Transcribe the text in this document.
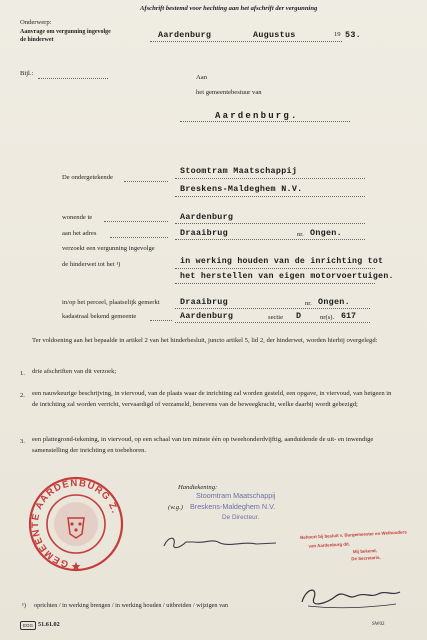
Afschrift bestemd voor hechting aan het afschrift der vergunning
Onderwerp:
Aanvrage om vergunning ingevolge de hinderwet	Aardenburg	Augustus	19 53.
Bijl.:
Aan
het gemeentebestuur van
Aardenburg.
De ondergetekende
Stoomtram Maatschappij
Breskens-Maldeghem N.V.
wonende te	Aardenburg
aan het adres	Draaibrug	nr. Ongen.
verzoekt een vergunning ingevolge
de hinderwet tot het ¹)	in werking houden van de inrichting tot
het herstellen van eigen motorvoertuigen.
in/op het perceel, plaatselijk gemerkt Draaibrug	nr. Ongen.
kadastraal bekend gemeente	Aardenburg	sectie D	nr(s). 617
Ter voldoening aan het bepaalde in artikel 2 van het hinderbesluit, juncto artikel 5, lid 2, der hinderwet, worden hierbij overgelegd:
1. drie afschriften van dit verzoek;
2. een nauwkeurige beschrijving, in viervoud, van de plaats waar de inrichting zal worden gesteld, een opgave, in viervoud, van hetgeen in de inrichting zal worden verricht, vervaardigd of verzameld, benevens van de beweegkracht, welke daarbij wordt gebezigd;
3. een plattegrond-tekening, in viervoud, op een schaal van ten minste één op tweehonderdvijftig, aanduidende de uit- en inwendige samenstelling der inrichting en toebehoren.
GEMEENTE AARDENBURG Z.
Handtekening:
(w.g.)
Stoomtram Maatschappij
Breskens-Maldeghem N.V.
De Directeur.
Behoort bij besluit v. Burgemeester en Wethouders
van Aardenburg dd.
Mij bekend,
De Secretaris,
¹) oprichten / in werking brengen / in werking houden / uitbreiden / wijzigen van
EGG 51.61.02	SW02
